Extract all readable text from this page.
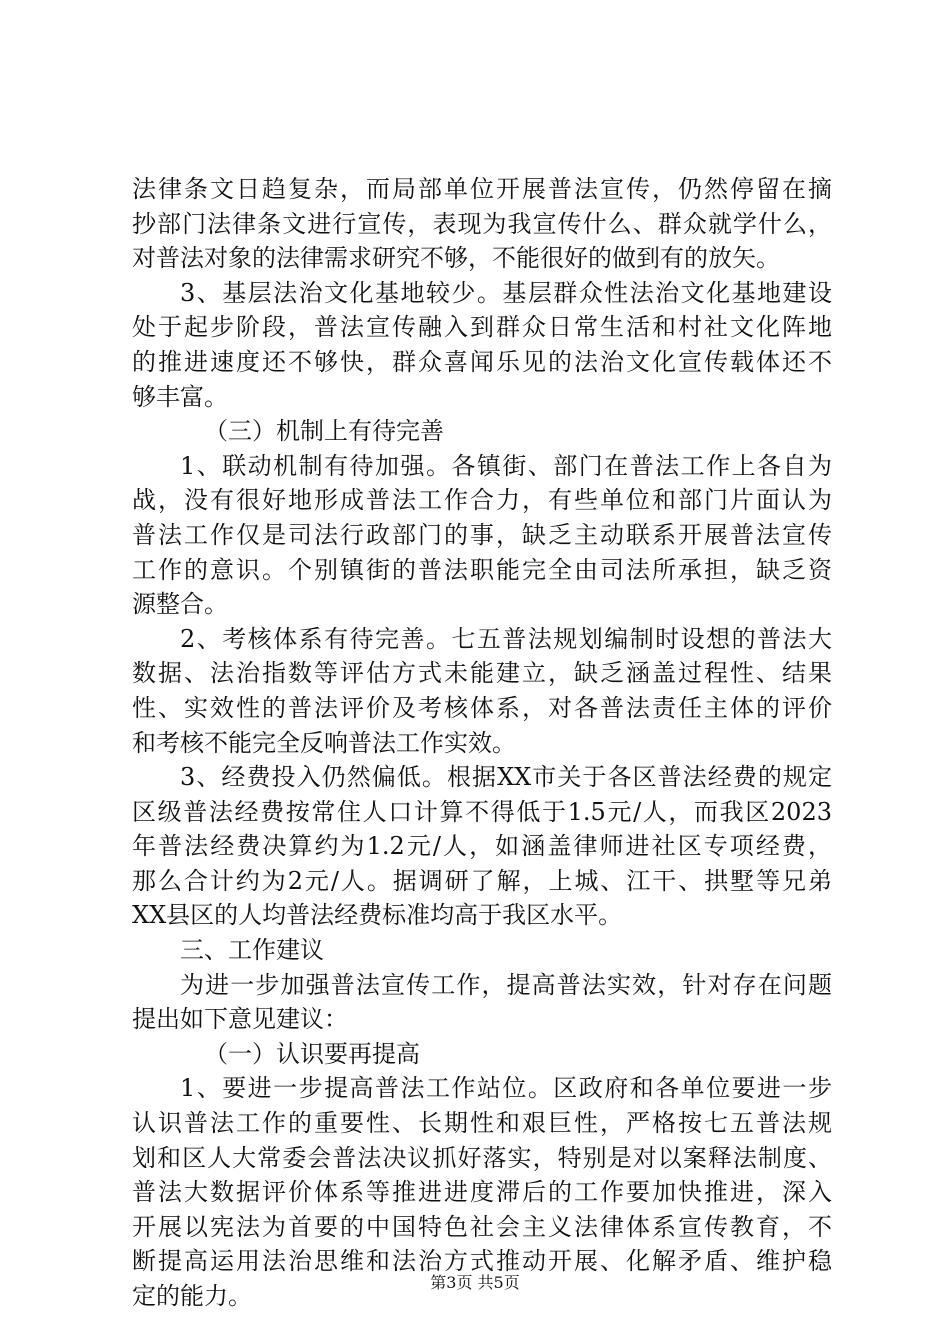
法律条文日趋复杂，而局部单位开展普法宣传，仍然停留在摘
抄部门法律条文进行宣传，表现为我宣传什么、群众就学什么，
对普法对象的法律需求研究不够，不能很好的做到有的放矢。
3、基层法治文化基地较少。基层群众性法治文化基地建设
处于起步阶段，普法宣传融入到群众日常生活和村社文化阵地
的推进速度还不够快，群众喜闻乐见的法治文化宣传载体还不
够丰富。
（三）机制上有待完善
1、联动机制有待加强。各镇街、部门在普法工作上各自为
战，没有很好地形成普法工作合力，有些单位和部门片面认为
普法工作仅是司法行政部门的事，缺乏主动联系开展普法宣传
工作的意识。个别镇街的普法职能完全由司法所承担，缺乏资
源整合。
2、考核体系有待完善。七五普法规划编制时设想的普法大
数据、法治指数等评估方式未能建立，缺乏涵盖过程性、结果
性、实效性的普法评价及考核体系，对各普法责任主体的评价
和考核不能完全反响普法工作实效。
3、经费投入仍然偏低。根据XX市关于各区普法经费的规定
区级普法经费按常住人口计算不得低于1.5元/人，而我区2023
年普法经费决算约为1.2元/人，如涵盖律师进社区专项经费，
那么合计约为2元/人。据调研了解，上城、江干、拱墅等兄弟
XX县区的人均普法经费标准均高于我区水平。
三、工作建议
为进一步加强普法宣传工作，提高普法实效，针对存在问题
提出如下意见建议：
（一）认识要再提高
1、要进一步提高普法工作站位。区政府和各单位要进一步
认识普法工作的重要性、长期性和艰巨性，严格按七五普法规
划和区人大常委会普法决议抓好落实，特别是对以案释法制度、
普法大数据评价体系等推进进度滞后的工作要加快推进，深入
开展以宪法为首要的中国特色社会主义法律体系宣传教育，不
断提高运用法治思维和法治方式推动开展、化解矛盾、维护稳
定的能力。	第3页 共5页
